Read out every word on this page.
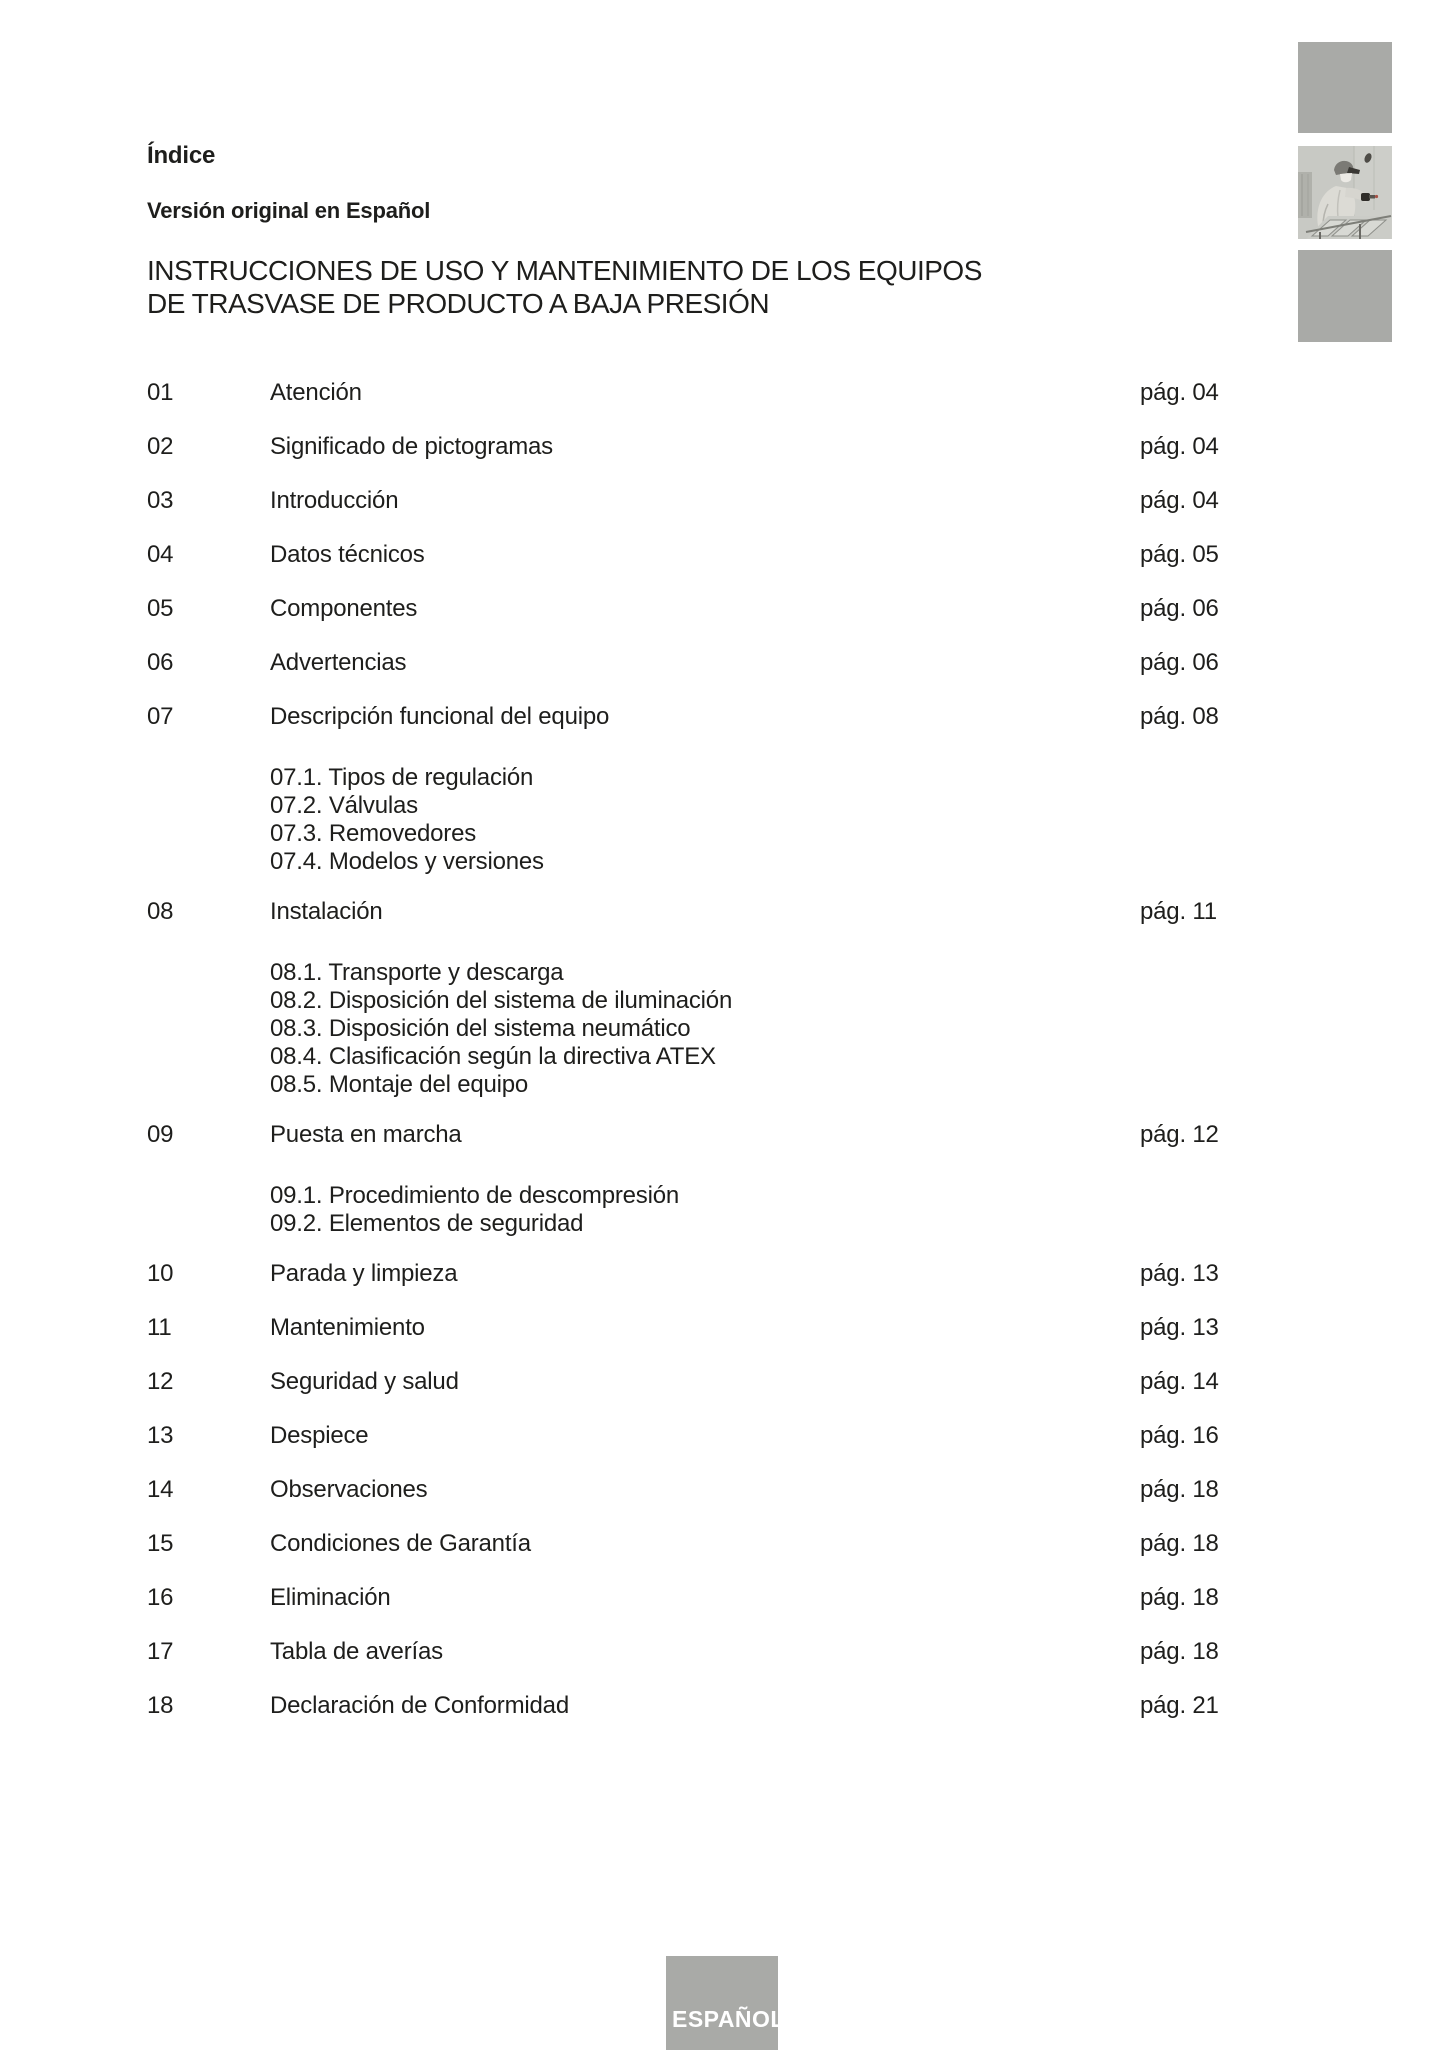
Índice
Versión original en Español
INSTRUCCIONES DE USO Y MANTENIMIENTO DE LOS EQUIPOS
DE TRASVASE DE PRODUCTO A BAJA PRESIÓN
01	Atención	pág. 04
02	Significado de pictogramas	pág. 04
03	Introducción	pág. 04
04	Datos técnicos	pág. 05
05	Componentes	pág. 06
06	Advertencias	pág. 06
07	Descripción funcional del equipo	pág. 08
07.1. Tipos de regulación
07.2. Válvulas
07.3. Removedores
07.4. Modelos y versiones
08	Instalación	pág. 11
08.1. Transporte y descarga
08.2. Disposición del sistema de iluminación
08.3. Disposición del sistema neumático
08.4. Clasificación según la directiva ATEX
08.5. Montaje del equipo
09	Puesta en marcha	pág. 12
09.1. Procedimiento de descompresión
09.2. Elementos de seguridad
10	Parada y limpieza	pág. 13
11	Mantenimiento	pág. 13
12	Seguridad y salud	pág. 14
13	Despiece	pág. 16
14	Observaciones	pág. 18
15	Condiciones de Garantía	pág. 18
16	Eliminación	pág. 18
17	Tabla de averías	pág. 18
18	Declaración de Conformidad	pág. 21
ESPAÑOL
